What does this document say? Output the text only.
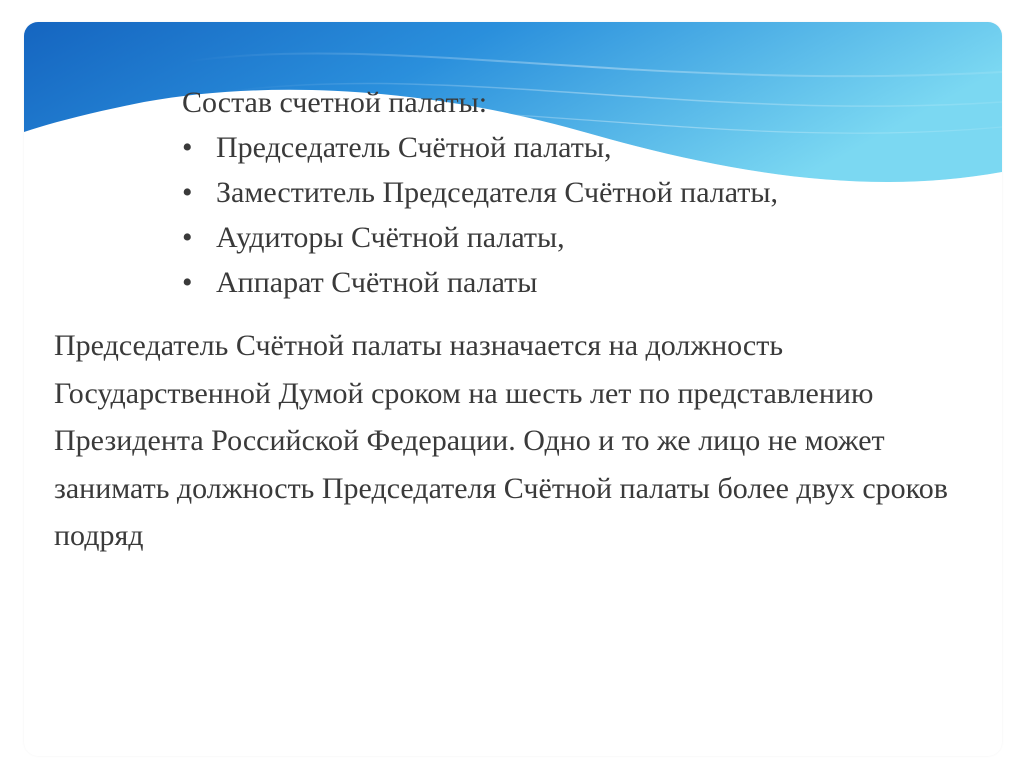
Состав счетной палаты:
• Председатель Счётной палаты,
• Заместитель Председателя Счётной палаты,
• Аудиторы Счётной палаты,
• Аппарат Счётной палаты

Председатель Счётной палаты назначается на должность Государственной Думой сроком на шесть лет по представлению Президента Российской Федерации. Одно и то же лицо не может занимать должность Председателя Счётной палаты более двух сроков подряд
